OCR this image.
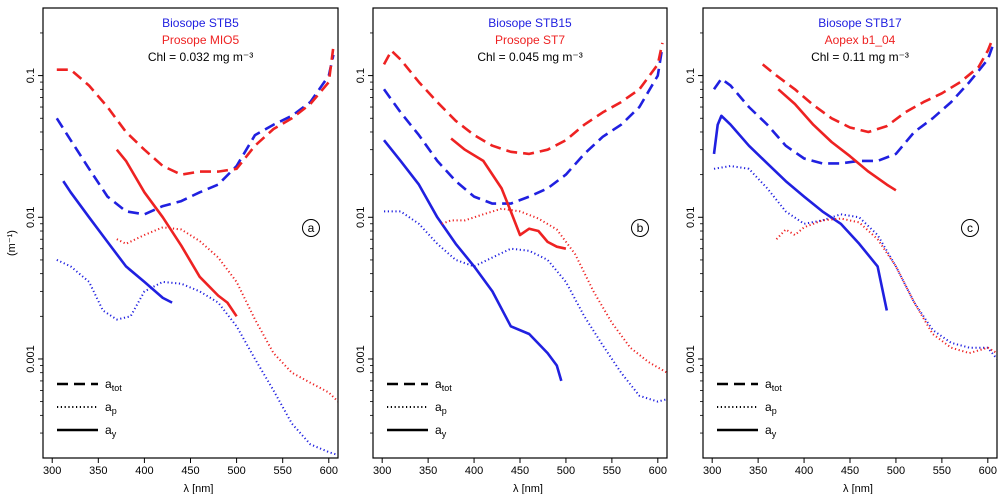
(m⁻¹)
300	350	400	450	500	550	600
λ [nm]
0.001
0.01
0.1
Biosope STB5
Prosope MIO5
Chl = 0.032 mg m⁻³
a
$a_{tot}$
$a_p$
$a_y$
300	350	400	450	500	550	600
λ [nm]
0.001
0.01
0.1
Biosope STB15
Prosope ST7
Chl = 0.045 mg m⁻³
b
$a_{tot}$
$a_p$
$a_y$
300	350	400	450	500	550	600
λ [nm]
0.001
0.01
0.1
Biosope STB17
Aopex b1_04
Chl = 0.11 mg m⁻³
c
$a_{tot}$
$a_p$
$a_y$
